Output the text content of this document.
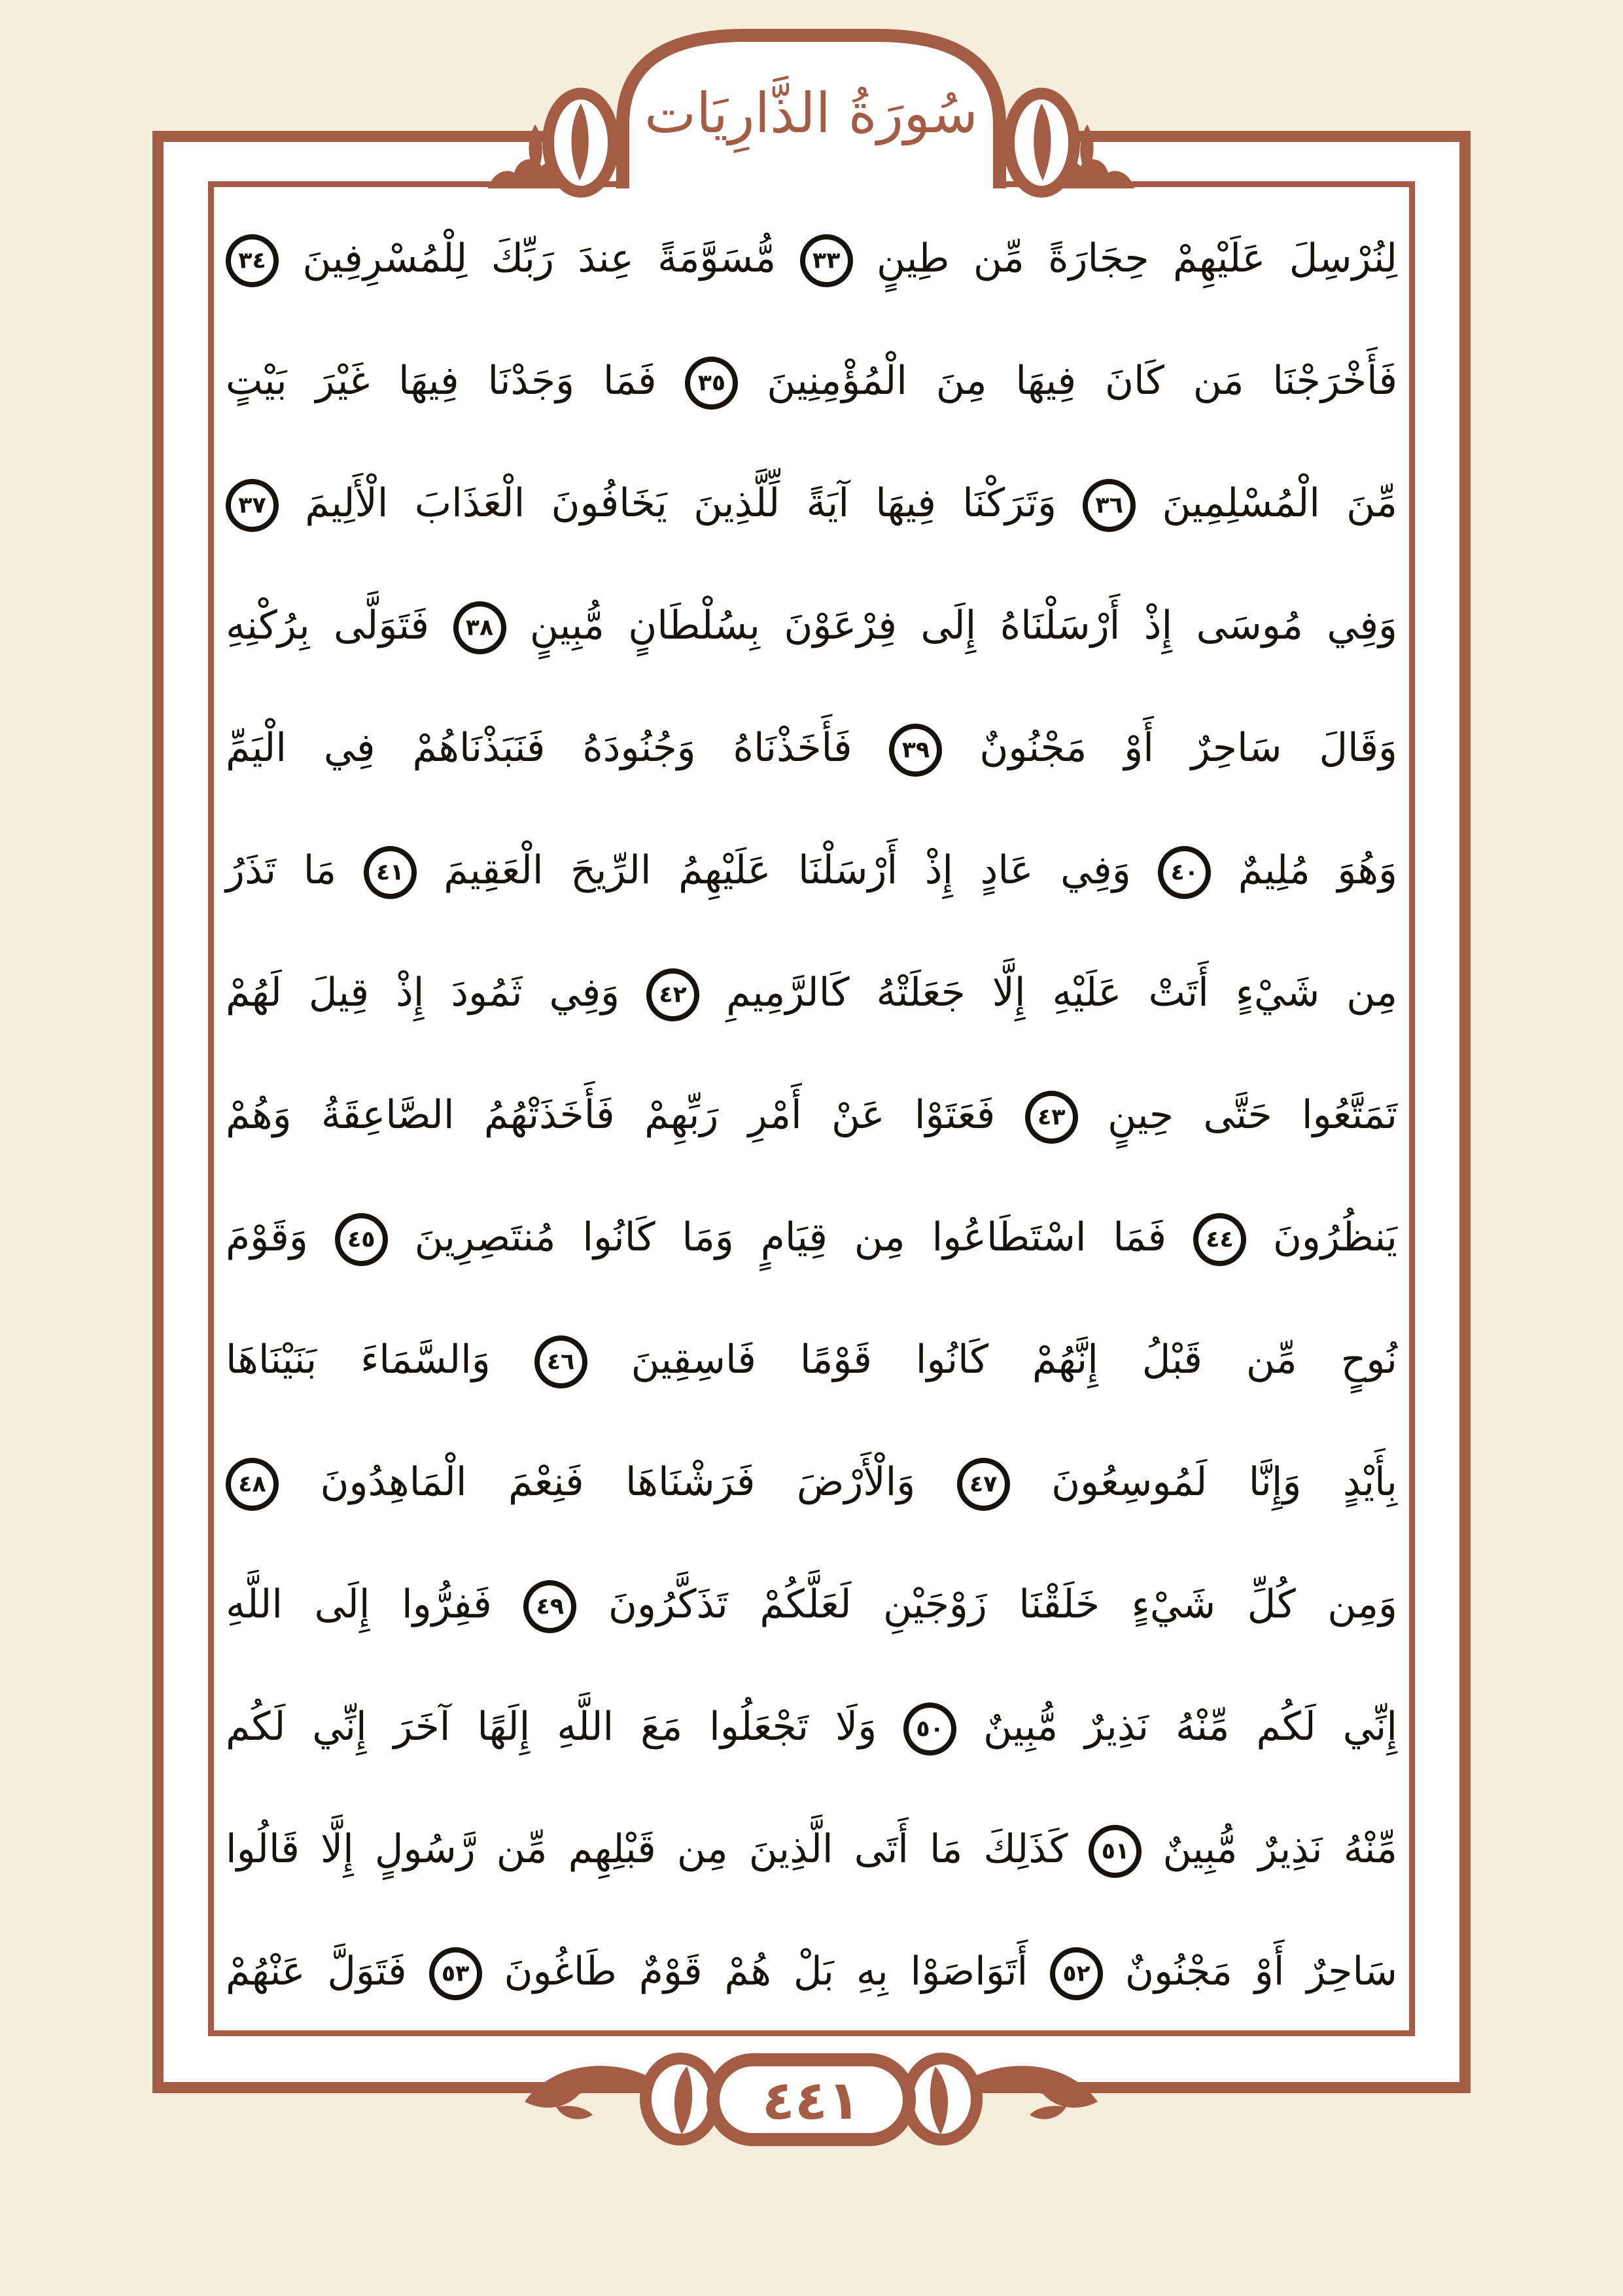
سُورَةُ الذَّارِيَات
لِنُرْسِلَ عَلَيْهِمْ حِجَارَةً مِّن طِينٍ
٣٣
مُّسَوَّمَةً عِندَ رَبِّكَ لِلْمُسْرِفِينَ
٣٤
فَأَخْرَجْنَا مَن كَانَ فِيهَا مِنَ الْمُؤْمِنِينَ
٣٥
فَمَا وَجَدْنَا فِيهَا غَيْرَ بَيْتٍ
مِّنَ الْمُسْلِمِينَ
٣٦
وَتَرَكْنَا فِيهَا آيَةً لِّلَّذِينَ يَخَافُونَ الْعَذَابَ الْأَلِيمَ
٣٧
وَفِي مُوسَى إِذْ أَرْسَلْنَاهُ إِلَى فِرْعَوْنَ بِسُلْطَانٍ مُّبِينٍ
٣٨
فَتَوَلَّى بِرُكْنِهِ
وَقَالَ سَاحِرٌ أَوْ مَجْنُونٌ
٣٩
فَأَخَذْنَاهُ وَجُنُودَهُ فَنَبَذْنَاهُمْ فِي الْيَمِّ
وَهُوَ مُلِيمٌ
٤٠
وَفِي عَادٍ إِذْ أَرْسَلْنَا عَلَيْهِمُ الرِّيحَ الْعَقِيمَ
٤١
مَا تَذَرُ
مِن شَيْءٍ أَتَتْ عَلَيْهِ إِلَّا جَعَلَتْهُ كَالرَّمِيمِ
٤٢
وَفِي ثَمُودَ إِذْ قِيلَ لَهُمْ
تَمَتَّعُوا حَتَّى حِينٍ
٤٣
فَعَتَوْا عَنْ أَمْرِ رَبِّهِمْ فَأَخَذَتْهُمُ الصَّاعِقَةُ وَهُمْ
يَنظُرُونَ
٤٤
فَمَا اسْتَطَاعُوا مِن قِيَامٍ وَمَا كَانُوا مُنتَصِرِينَ
٤٥
وَقَوْمَ
نُوحٍ مِّن قَبْلُ إِنَّهُمْ كَانُوا قَوْمًا فَاسِقِينَ
٤٦
وَالسَّمَاءَ بَنَيْنَاهَا
بِأَيْدٍ وَإِنَّا لَمُوسِعُونَ
٤٧
وَالْأَرْضَ فَرَشْنَاهَا فَنِعْمَ الْمَاهِدُونَ
٤٨
وَمِن كُلِّ شَيْءٍ خَلَقْنَا زَوْجَيْنِ لَعَلَّكُمْ تَذَكَّرُونَ
٤٩
فَفِرُّوا إِلَى اللَّهِ
إِنِّي لَكُم مِّنْهُ نَذِيرٌ مُّبِينٌ
٥٠
وَلَا تَجْعَلُوا مَعَ اللَّهِ إِلَهًا آخَرَ إِنِّي لَكُم
مِّنْهُ نَذِيرٌ مُّبِينٌ
٥١
كَذَلِكَ مَا أَتَى الَّذِينَ مِن قَبْلِهِم مِّن رَّسُولٍ إِلَّا قَالُوا
سَاحِرٌ أَوْ مَجْنُونٌ
٥٢
أَتَوَاصَوْا بِهِ بَلْ هُمْ قَوْمٌ طَاغُونَ
٥٣
فَتَوَلَّ عَنْهُمْ
٤٤١
